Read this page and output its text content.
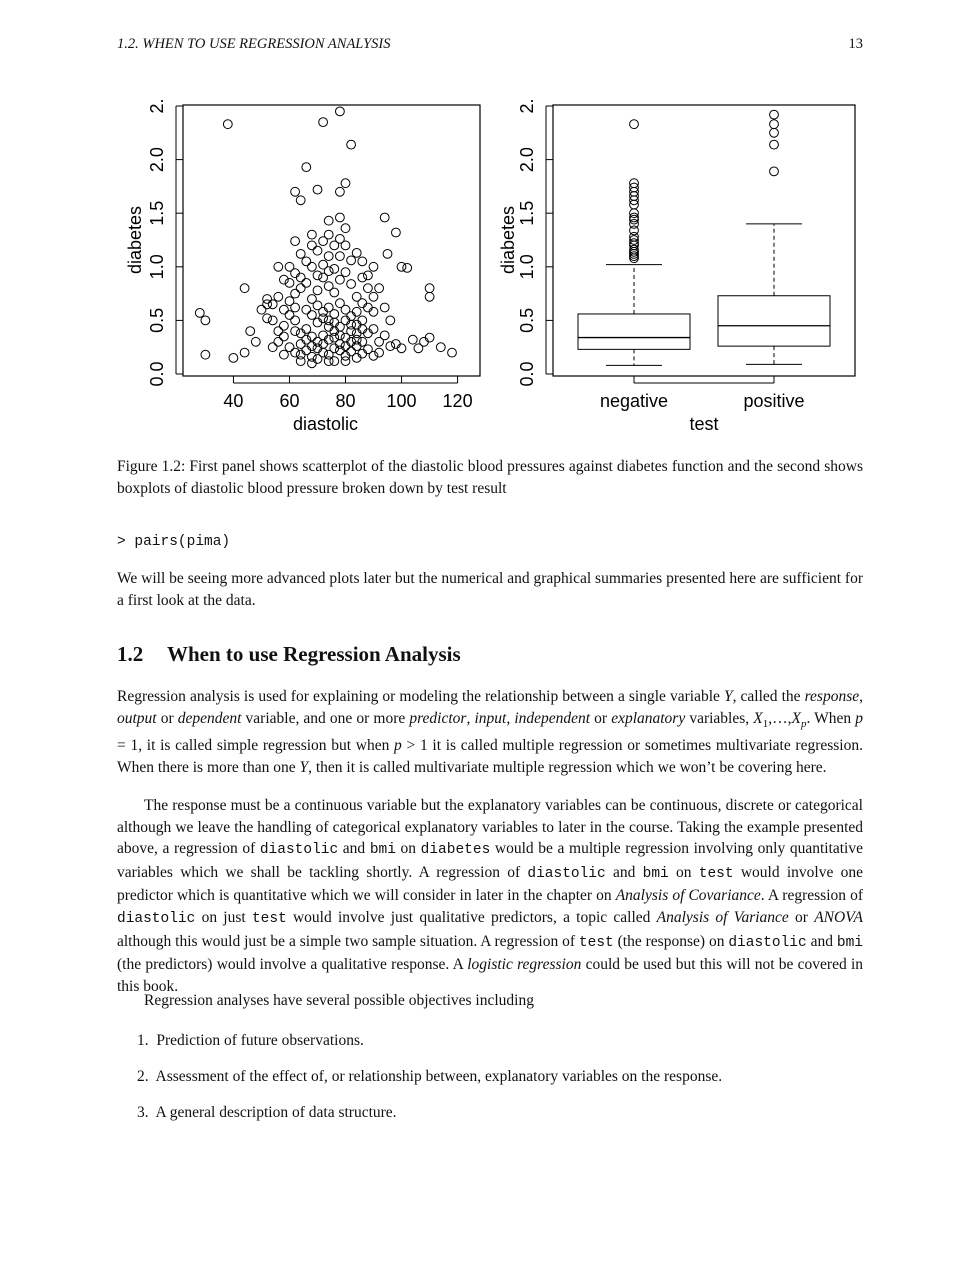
1.2. WHEN TO USE REGRESSION ANALYSIS	13
40 60 80 100 120
diastolic
0.0
0.5
1.0
1.5
2.0
2.
diabetes
negative	positive
test
0.0
0.5
1.0
1.5
2.0
2.
diabetes
Figure 1.2: First panel shows scatterplot of the diastolic blood pressures against diabetes function and the second shows boxplots of diastolic blood pressure broken down by test result
> pairs(pima)
We will be seeing more advanced plots later but the numerical and graphical summaries presented here are sufficient for a first look at the data.
1.2 When to use Regression Analysis
Regression analysis is used for explaining or modeling the relationship between a single variable Y, called the response, output or dependent variable, and one or more predictor, input, independent or explanatory variables, $X_1,\dots,X_p$. When p = 1, it is called simple regression but when p > 1 it is called multiple regression or sometimes multivariate regression. When there is more than one Y, then it is called multivariate multiple regression which we won’t be covering here.
The response must be a continuous variable but the explanatory variables can be continuous, discrete or categorical although we leave the handling of categorical explanatory variables to later in the course. Taking the example presented above, a regression of diastolic and bmi on diabetes would be a multiple regression involving only quantitative variables which we shall be tackling shortly. A regression of diastolic and bmi on test would involve one predictor which is quantitative which we will consider in later in the chapter on Analysis of Covariance. A regression of diastolic on just test would involve just qualitative predictors, a topic called Analysis of Variance or ANOVA although this would just be a simple two sample situation. A regression of test (the response) on diastolic and bmi (the predictors) would involve a qualitative response. A logistic regression could be used but this will not be covered in this book.
Regression analyses have several possible objectives including
1. Prediction of future observations.
2. Assessment of the effect of, or relationship between, explanatory variables on the response.
3. A general description of data structure.
